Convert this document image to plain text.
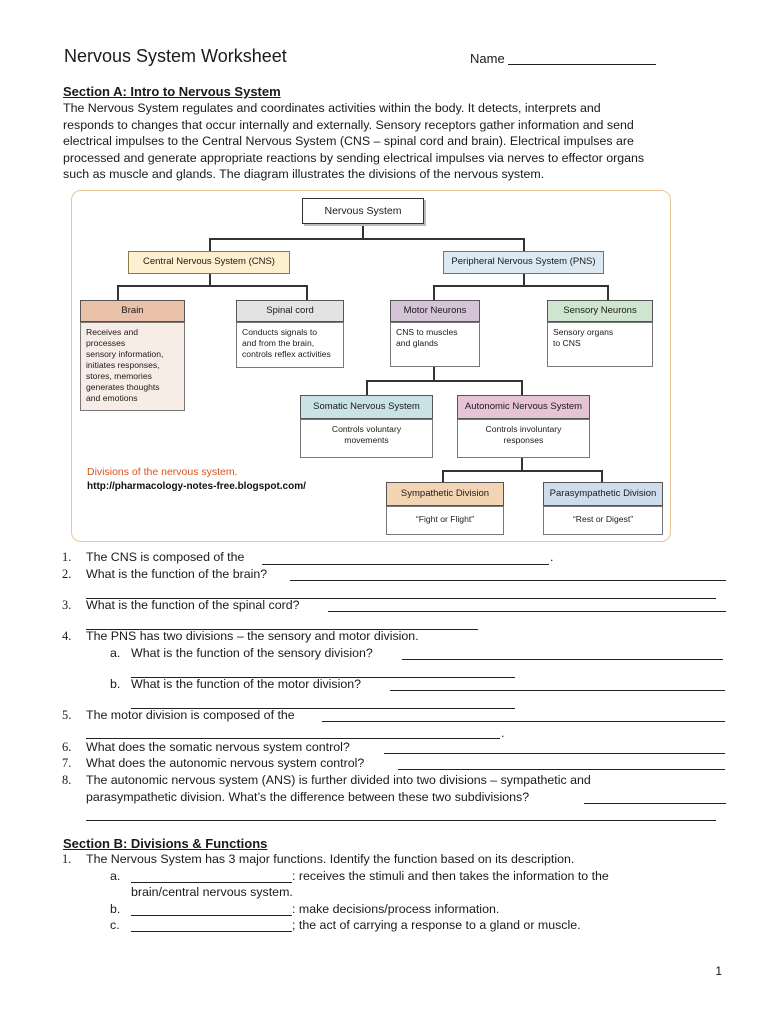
Nervous System Worksheet	Name
Section A: Intro to Nervous System
The Nervous System regulates and coordinates activities within the body. It detects, interprets and
responds to changes that occur internally and externally. Sensory receptors gather information and send
electrical impulses to the Central Nervous System (CNS – spinal cord and brain). Electrical impulses are
processed and generate appropriate reactions by sending electrical impulses via nerves to effector organs
such as muscle and glands. The diagram illustrates the divisions of the nervous system.
Nervous System
Central Nervous System (CNS)	Peripheral Nervous System (PNS)
Brain
Receives and processes
sensory information,
initiates responses,
stores, memories
generates thoughts
and emotions
Spinal cord
Conducts signals to
and from the brain,
controls reflex activities
Motor Neurons
CNS to muscles
and glands
Sensory Neurons
Sensory organs
to CNS
Somatic Nervous System
Controls voluntary
movements
Autonomic Nervous System
Controls involuntary
responses
Sympathetic Division
“Fight or Flight”
Parasympathetic Division
“Rest or Digest”
Divisions of the nervous system.
http://pharmacology-notes-free.blogspot.com/
1. The CNS is composed of the	.
2. What is the function of the brain?
3. What is the function of the spinal cord?
4. The PNS has two divisions – the sensory and motor division.
a. What is the function of the sensory division?
b. What is the function of the motor division?
5. The motor division is composed of the
.
6. What does the somatic nervous system control?
7. What does the autonomic nervous system control?
8. The autonomic nervous system (ANS) is further divided into two divisions – sympathetic and
parasympathetic division. What’s the difference between these two subdivisions?
Section B: Divisions & Functions
1. The Nervous System has 3 major functions. Identify the function based on its description.
a.	: receives the stimuli and then takes the information to the
brain/central nervous system.
b.	: make decisions/process information.
c.	; the act of carrying a response to a gland or muscle.
1
